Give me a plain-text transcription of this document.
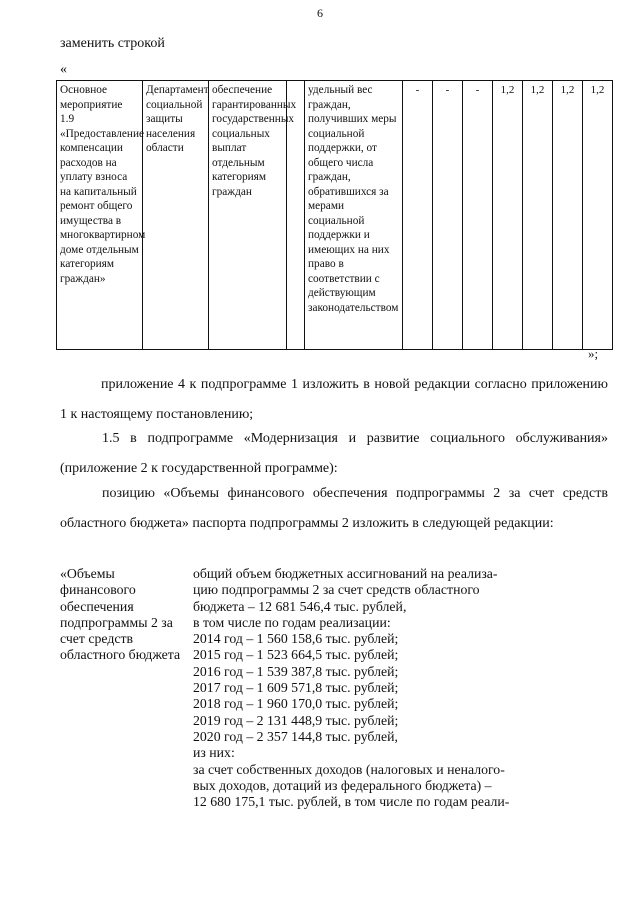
6
заменить строкой
«
Основное мероприятие 1.9 «Предоставление компенсации расходов на уплату взноса на капитальный ремонт общего имущества в многоквартирном доме отдельным категориям граждан»	Департамент социальной защиты населения области	обеспечение гарантированных государственных социальных выплат отдельным категориям граждан		удельный вес граждан, получивших меры социальной поддержки, от общего числа граждан, обратившихся за мерами социальной поддержки и имеющих на них право в соответствии с действующим законодательством	-	-	-	1,2	1,2	1,2	1,2
»;
приложение 4 к подпрограмме 1 изложить в новой редакции согласно приложению 1 к настоящему постановлению;
1.5 в подпрограмме «Модернизация и развитие социального обслуживания» (приложение 2 к государственной программе):
позицию «Объемы финансового обеспечения подпрограммы 2 за счет средств областного бюджета» паспорта подпрограммы 2 изложить в следующей редакции:
«Объемы финансового обеспечения подпрограммы 2 за счет средств областного бюджета
общий объем бюджетных ассигнований на реализа-
цию подпрограммы 2 за счет средств областного
бюджета – 12 681 546,4 тыс. рублей,
в том числе по годам реализации:
2014 год – 1 560 158,6 тыс. рублей;
2015 год – 1 523 664,5 тыс. рублей;
2016 год – 1 539 387,8 тыс. рублей;
2017 год – 1 609 571,8 тыс. рублей;
2018 год – 1 960 170,0 тыс. рублей;
2019 год – 2 131 448,9 тыс. рублей;
2020 год – 2 357 144,8 тыс. рублей,
из них:
за счет собственных доходов (налоговых и неналого-
вых доходов, дотаций из федерального бюджета) –
12 680 175,1 тыс. рублей, в том числе по годам реали-
